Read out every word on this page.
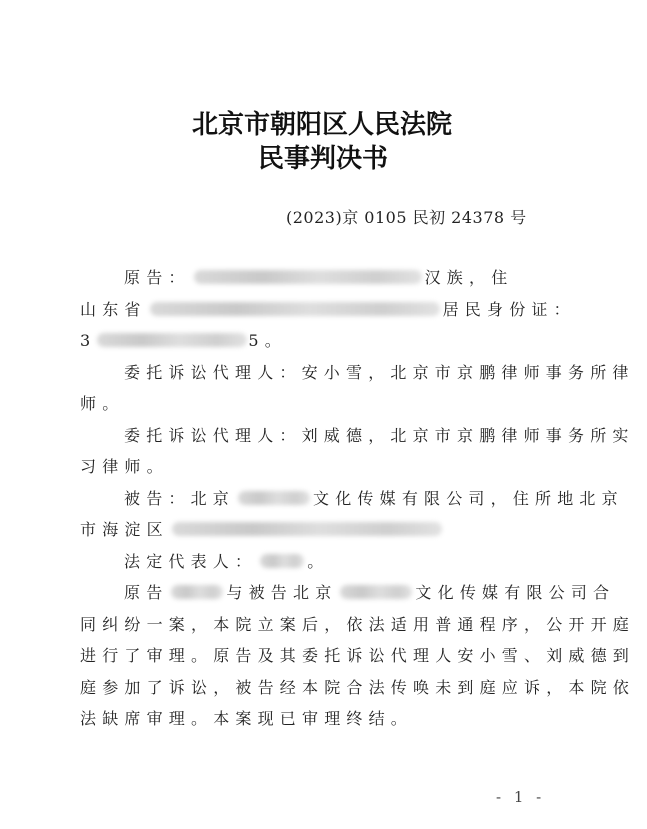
北京市朝阳区人民法院
民事判决书
(2023)京 0105 民初 24378 号
原告：	汉族，住
山东省	居民身份证：
3	5。
委托诉讼代理人：安小雪，北京市京鹏律师事务所律
师。
委托诉讼代理人：刘威德，北京市京鹏律师事务所实
习律师。
被告：北京	文化传媒有限公司，住所地北京
市海淀区
法定代表人：	。
原告	与被告北京	文化传媒有限公司合
同纠纷一案，本院立案后，依法适用普通程序，公开开庭
进行了审理。原告及其委托诉讼代理人安小雪、刘威德到
庭参加了诉讼，被告经本院合法传唤未到庭应诉，本院依
法缺席审理。本案现已审理终结。
- 1 -
